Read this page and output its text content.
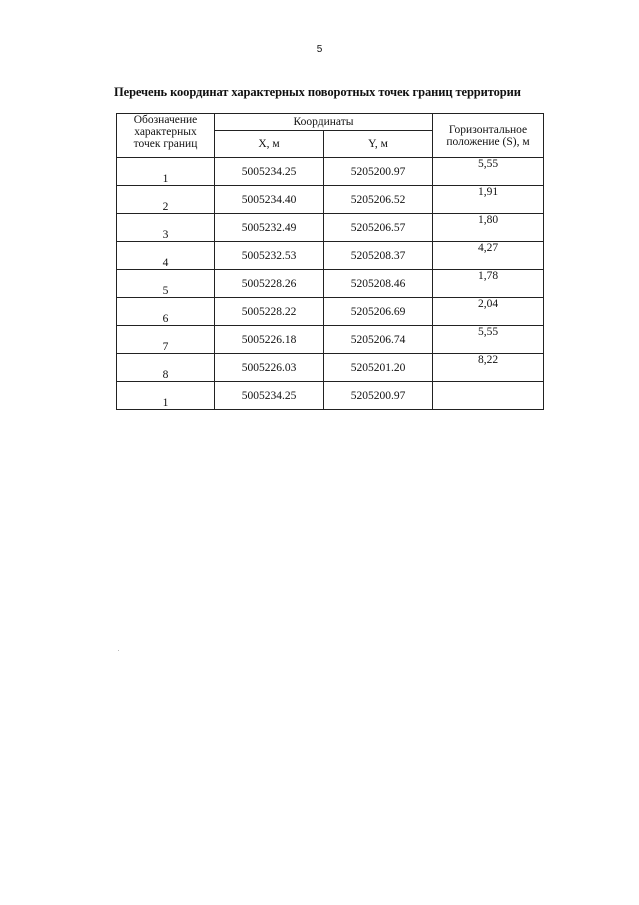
5
Перечень координат характерных поворотных точек границ территории
Обозначение
характерных
точек границ	Координаты		Горизонтальное
положение (S), м

	X, м	Y, м	
1	5005234.25	5205200.97	5,55
2	5005234.40	5205206.52	1,91
3	5005232.49	5205206.57	1,80
4	5005232.53	5205208.37	4,27
5	5005228.26	5205208.46	1,78
6	5005228.22	5205206.69	2,04
7	5005226.18	5205206.74	5,55
8	5005226.03	5205201.20	8,22
1	5005234.25	5205200.97	
